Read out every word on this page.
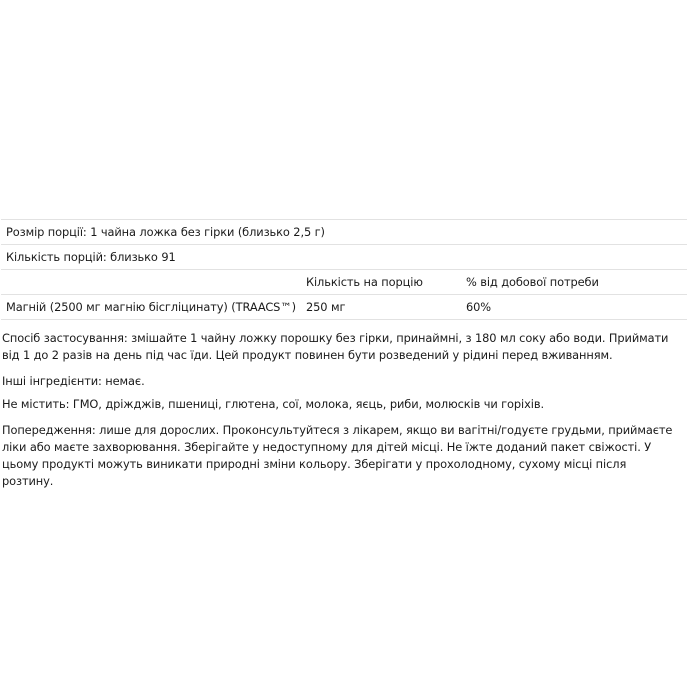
Розмір порції: 1 чайна ложка без гірки (близько 2,5 г)		
Кількість порцій: близько 91		
	Кількість на порцію	% від добової потреби
Магній (2500 мг магнію бісгліцинату) (TRAACS™)	250 мг	60%

Спосіб застосування: змішайте 1 чайну ложку порошку без гірки, принаймні, з 180 мл соку або води. Приймати від 1 до 2 разів на день під час їди. Цей продукт повинен бути розведений у рідині перед вживанням.

Інші інгредієнти: немає.

Не містить: ГМО, дріжджів, пшениці, глютена, сої, молока, яєць, риби, молюсків чи горіхів.

Попередження: лише для дорослих. Проконсультуйтеся з лікарем, якщо ви вагітні/годуєте грудьми, приймаєте ліки або маєте захворювання. Зберігайте у недоступному для дітей місці. Не їжте доданий пакет свіжості. У цьому продукті можуть виникати природні зміни кольору. Зберігати у прохолодному, сухому місці після розтину.
